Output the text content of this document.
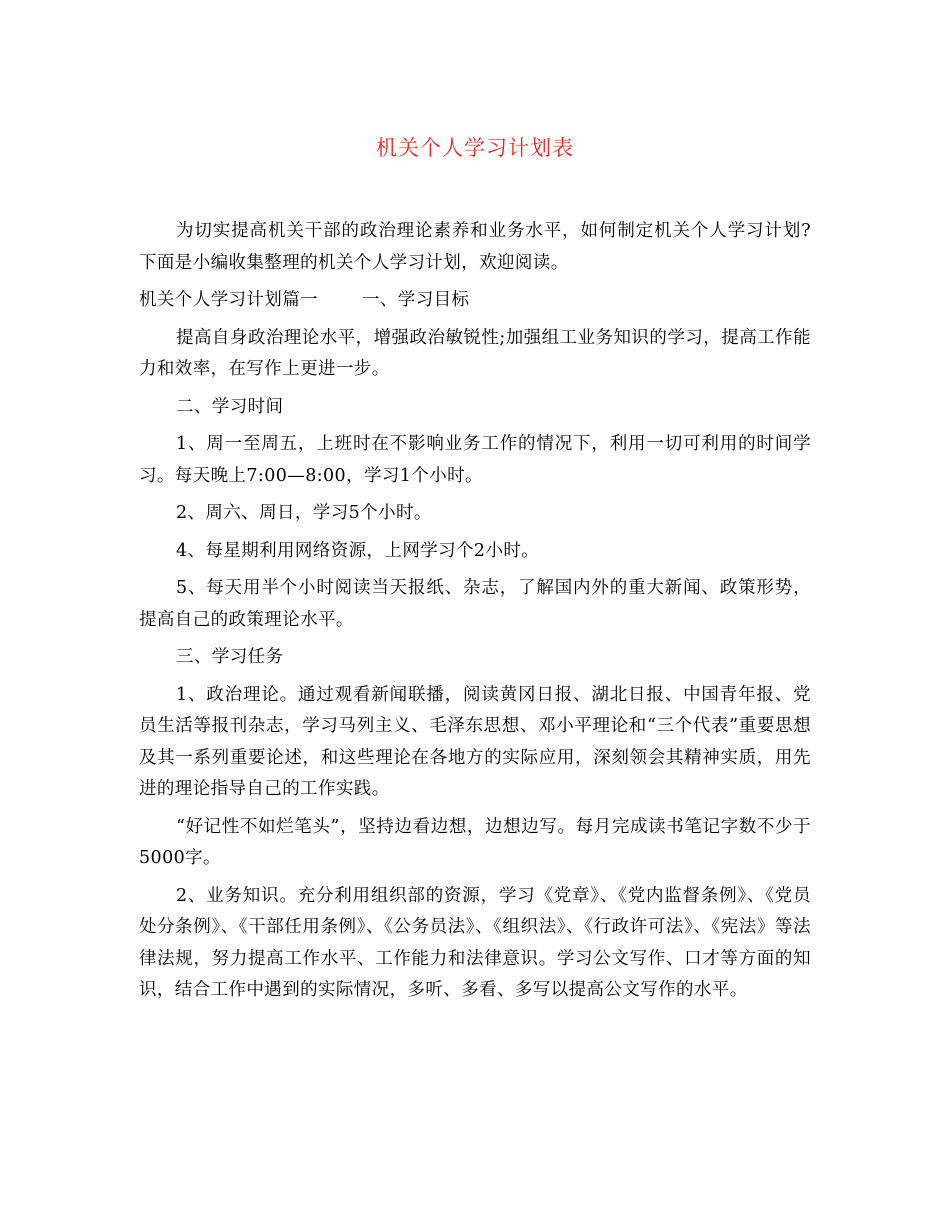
机关个人学习计划表

为切实提高机关干部的政治理论素养和业务水平，如何制定机关个人学习计划?下面是小编收集整理的机关个人学习计划，欢迎阅读。

机关个人学习计划篇一	一、学习目标

提高自身政治理论水平，增强政治敏锐性;加强组工业务知识的学习，提高工作能力和效率，在写作上更进一步。

二、学习时间

1、周一至周五，上班时在不影响业务工作的情况下，利用一切可利用的时间学习。每天晚上7:00—8:00，学习1个小时。

2、周六、周日，学习5个小时。

4、每星期利用网络资源，上网学习个2小时。

5、每天用半个小时阅读当天报纸、杂志，了解国内外的重大新闻、政策形势，提高自己的政策理论水平。

三、学习任务

1、政治理论。通过观看新闻联播，阅读黄冈日报、湖北日报、中国青年报、党员生活等报刊杂志，学习马列主义、毛泽东思想、邓小平理论和“三个代表”重要思想及其一系列重要论述，和这些理论在各地方的实际应用，深刻领会其精神实质，用先进的理论指导自己的工作实践。

“好记性不如烂笔头”，坚持边看边想，边想边写。每月完成读书笔记字数不少于5000字。

2、业务知识。充分利用组织部的资源，学习《党章》、《党内监督条例》、《党员处分条例》、《干部任用条例》、《公务员法》、《组织法》、《行政许可法》、《宪法》等法律法规，努力提高工作水平、工作能力和法律意识。学习公文写作、口才等方面的知识，结合工作中遇到的实际情况，多听、多看、多写以提高公文写作的水平。
